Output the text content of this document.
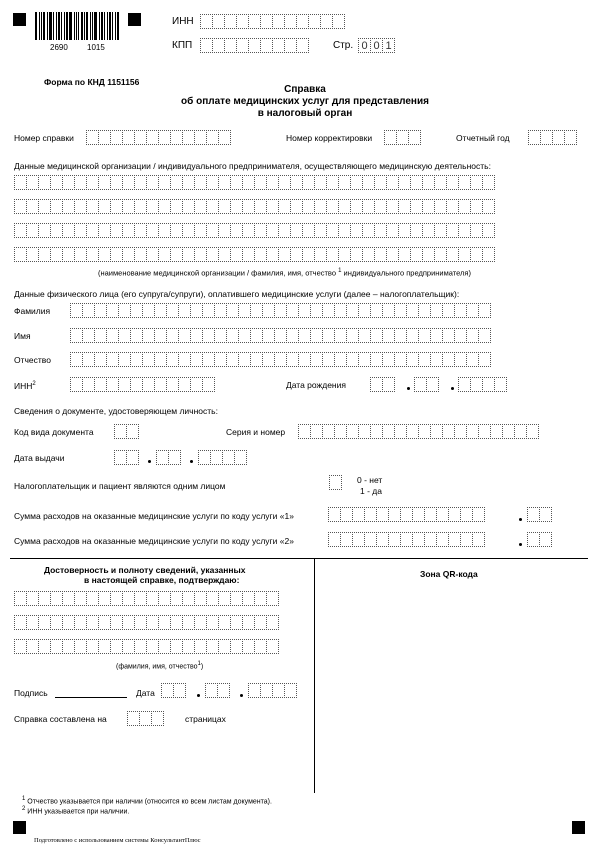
2690 1015
ИНН
КПП	Стр. 0 0 1
Форма по КНД 1151156
Справка
об оплате медицинских услуг для представления
в налоговый орган
Номер справки	Номер корректировки	Отчетный год
Данные медицинской организации / индивидуального предпринимателя, осуществляющего медицинскую деятельность:
(наименование медицинской организации / фамилия, имя, отчество $^1$ индивидуального предпринимателя)
Данные физического лица (его супруга/супруги), оплатившего медицинские услуги (далее – налогоплательщик):
Фамилия
Имя
Отчество
ИНН$^2$	Дата рождения
Сведения о документе, удостоверяющем личность:
Код вида документа	Серия и номер
Дата выдачи
Налогоплательщик и пациент являются одним лицом
0 - нет
1 - да
Сумма расходов на оказанные медицинские услуги по коду услуги «1»
Сумма расходов на оказанные медицинские услуги по коду услуги «2»
Достоверность и полноту сведений, указанных
в настоящей справке, подтверждаю:
(фамилия, имя, отчество1)
Подпись	Дата
Справка составлена на	страницах
Зона QR-кода
1 Отчество указывается при наличии (относится ко всем листам документа).
2 ИНН указывается при наличии.
Подготовлено с использованием системы КонсультантПлюс
